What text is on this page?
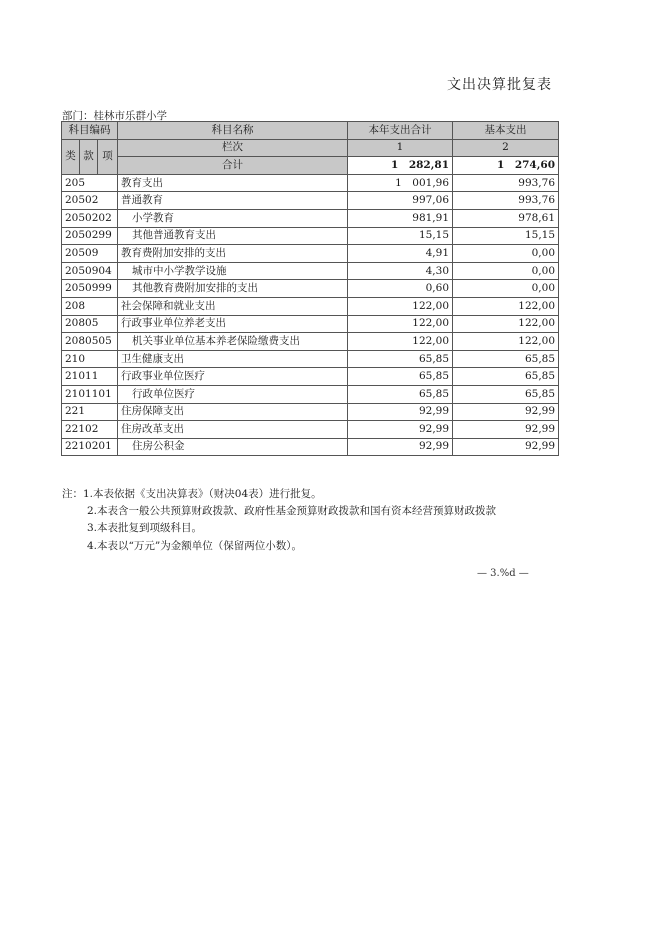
文出决算批复表
部门：桂林市乐群小学
科目编码			科目名称	本年支出合计	基本支出
类	款	项	栏次	1	2
			合计	1　282,81	1　274,60
205			教育支出	1　001,96	993,76
20502			普通教育	997,06	993,76
2050202			小学教育	981,91	978,61
2050299			其他普通教育支出	15,15	15,15
20509			教育费附加安排的支出	4,91	0,00
2050904			城市中小学教学设施	4,30	0,00
2050999			其他教育费附加安排的支出	0,60	0,00
208			社会保障和就业支出	122,00	122,00
20805			行政事业单位养老支出	122,00	122,00
2080505			机关事业单位基本养老保险缴费支出	122,00	122,00
210			卫生健康支出	65,85	65,85
21011			行政事业单位医疗	65,85	65,85
2101101			行政单位医疗	65,85	65,85
221			住房保障支出	92,99	92,99
22102			住房改革支出	92,99	92,99
2210201			住房公积金	92,99	92,99
注：1.本表依据《支出决算表》（财决04表）进行批复。
2.本表含一般公共预算财政拨款、政府性基金预算财政拨款和国有资本经营预算财政拨款
3.本表批复到项级科目。
4.本表以“万元”为金额单位（保留两位小数）。
— 3.%d —
